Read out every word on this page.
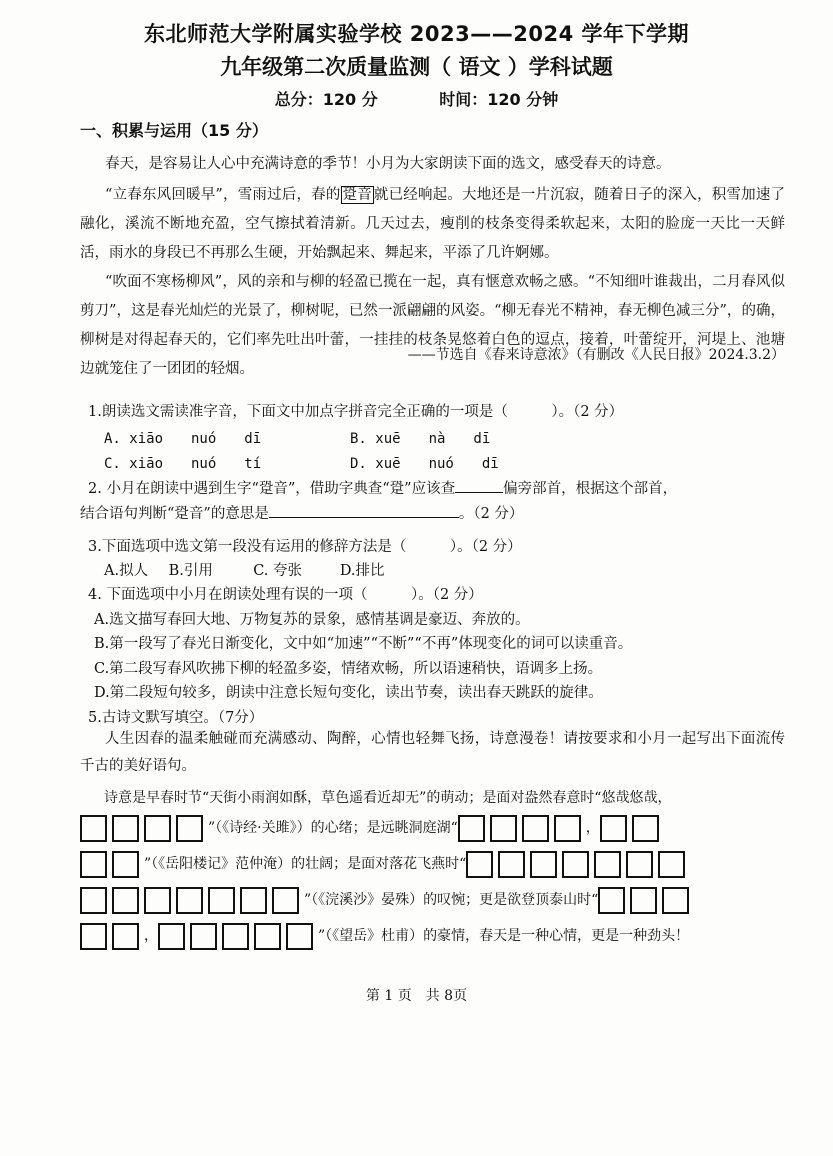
东北师范大学附属实验学校 2023——2024 学年下学期
九年级第二次质量监测（ 语文 ）学科试题
总分：120 分	时间：120 分钟
一、积累与运用（15 分）
春天，是容易让人心中充满诗意的季节！小月为大家朗读下面的选文，感受春天的诗意。
“立春东风回暖早”，雪雨过后，春的 跫音 就已经响起。大地还是一片沉寂，随着日子的深入，积雪加速了融化，溪流不断地充盈，空气擦拭着清新。几天过去，瘦削的枝条变得柔软起来，太阳的脸庞一天比一天鲜活，雨水的身段已不再那么生硬，开始飘起来、舞起来，平添了几许婀娜。
“吹面不寒杨柳风”，风的亲和与柳的轻盈已揽在一起，真有惬意欢畅之感。“不知细叶谁裁出，二月春风似剪刀”，这是春光灿烂的光景了，柳树呢，已然一派翩翩的风姿。“柳无春光不精神，春无柳色减三分”，的确，柳树是对得起春天的，它们率先吐出叶蕾，一挂挂的枝条晃悠着白色的逗点，接着，叶蕾绽开，河堤上、池塘边就笼住了一团团的轻烟。
——节选自《春来诗意浓》（有删改《人民日报》2024.3.2）
1.朗读选文需读准字音，下面文中加点字拼音完全正确的一项是（　　　）。（2 分）
A. xiāo　　nuó　　dī	B. xuē　　nà　　dī
C. xiāo　　nuó　　tí	D. xuē　　nuó　　dī
2. 小月在朗读中遇到生字“跫音”，借助字典查“跫”应该查	偏旁部首，根据这个部首，
结合语句判断“跫音”的意思是	。（2 分）
3.下面选项中选文第一段没有运用的修辞方法是（　　　）。（2 分）
A.拟人 B.引用	C. 夸张	D.排比
4. 下面选项中小月在朗读处理有误的一项（　　　）。（2 分）
A.选文描写春回大地、万物复苏的景象，感情基调是豪迈、奔放的。
B.第一段写了春光日渐变化，文中如“加速”“不断”“不再”体现变化的词可以读重音。
C.第二段写春风吹拂下柳的轻盈多姿，情绪欢畅，所以语速稍快，语调多上扬。
D.第二段短句较多，朗读中注意长短句变化，读出节奏，读出春天跳跃的旋律。
5.古诗文默写填空。（7分）
人生因春的温柔触碰而充满感动、陶醉，心情也轻舞飞扬，诗意漫卷！请按要求和小月一起写出下面流传千古的美好语句。
诗意是早春时节“天街小雨润如酥，草色遥看近却无”的萌动；是面对盎然春意时“悠哉悠哉，
”（《诗经·关雎》）的心绪；是远眺洞庭湖“	，
”（《岳阳楼记》范仲淹）的壮阔；是面对落花飞燕时“
”（《浣溪沙》晏殊）的叹惋；更是欲登顶泰山时“
，	”（《望岳》杜甫）的豪情，春天是一种心情，更是一种劲头！
第 1 页　共 8页
